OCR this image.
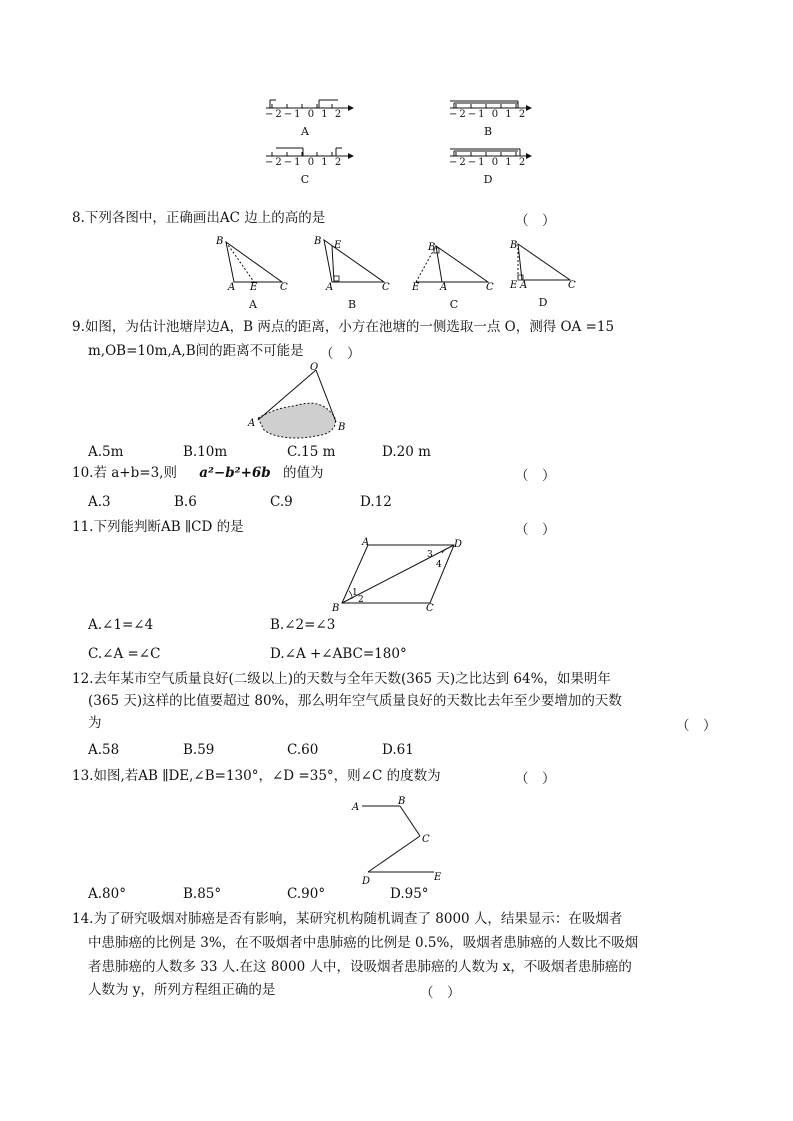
−2−1 0 1 2
A
−2−1 0 1 2
B
−2−1 0 1 2
C
−2−1 0 1 2
D
8.下列各图中，正确画出AC 边上的高的是	（　）
B
A E C
A
B E
A	C
B
B
E A	C
C
B
E A	C
D
9.如图，为估计池塘岸边A，B 两点的距离，小方在池塘的一侧选取一点 O，测得 OA =15
m,OB=10m,A,B间的距离不可能是 （　）
O
A	B
A.5m	B.10m	C.15 m	D.20 m
10.若 a+b=3,则 a²−b²+6b 的值为	（　）
A.3	B.6	C.9	D.12
11.下列能判断AB ∥CD 的是	（　）
A	D
B	C
1
2
3
4
A.∠1=∠4	B.∠2=∠3
C.∠A =∠C	D.∠A +∠ABC=180°
12.去年某市空气质量良好(二级以上)的天数与全年天数(365 天)之比达到 64%，如果明年
(365 天)这样的比值要超过 80%，那么明年空气质量良好的天数比去年至少要增加的天数
为	（　）
A.58	B.59	C.60	D.61
13.如图,若AB ∥DE,∠B=130°，∠D =35°，则∠C 的度数为	（　）
A
B
C
D	E
A.80°	B.85°	C.90°	D.95°
14.为了研究吸烟对肺癌是否有影响，某研究机构随机调查了 8000 人，结果显示：在吸烟者
中患肺癌的比例是 3%，在不吸烟者中患肺癌的比例是 0.5%，吸烟者患肺癌的人数比不吸烟
者患肺癌的人数多 33 人.在这 8000 人中，设吸烟者患肺癌的人数为 x，不吸烟者患肺癌的
人数为 y，所列方程组正确的是	（　）
